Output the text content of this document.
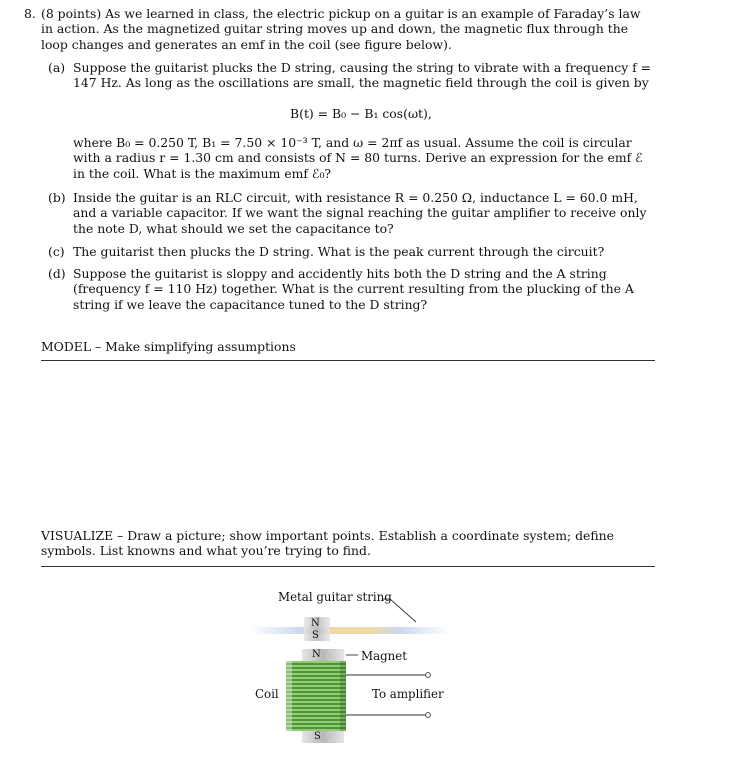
8. (8 points) As we learned in class, the electric pickup on a guitar is an example of Faraday’s law in action. As the magnetized guitar string moves up and down, the magnetic flux through the loop changes and generates an emf in the coil (see figure below).

(a) Suppose the guitarist plucks the D string, causing the string to vibrate with a frequency f = 147 Hz. As long as the oscillations are small, the magnetic field through the coil is given by

B(t) = B₀ − B₁ cos(ωt),

where B₀ = 0.250 T, B₁ = 7.50 × 10⁻³ T, and ω = 2πf as usual. Assume the coil is circular with a radius r = 1.30 cm and consists of N = 80 turns. Derive an expression for the emf ℰ in the coil. What is the maximum emf ℰ₀?

(b) Inside the guitar is an RLC circuit, with resistance R = 0.250 Ω, inductance L = 60.0 mH, and a variable capacitor. If we want the signal reaching the guitar amplifier to receive only the note D, what should we set the capacitance to?

(c) The guitarist then plucks the D string. What is the peak current through the circuit?

(d) Suppose the guitarist is sloppy and accidently hits both the D string and the A string (frequency f = 110 Hz) together. What is the current resulting from the plucking of the A string if we leave the capacitance tuned to the D string?

MODEL – Make simplifying assumptions

VISUALIZE – Draw a picture; show important points. Establish a coordinate system; define symbols. List knowns and what you’re trying to find.

Metal guitar string
N
S
N
S
Magnet
Coil	To amplifier
